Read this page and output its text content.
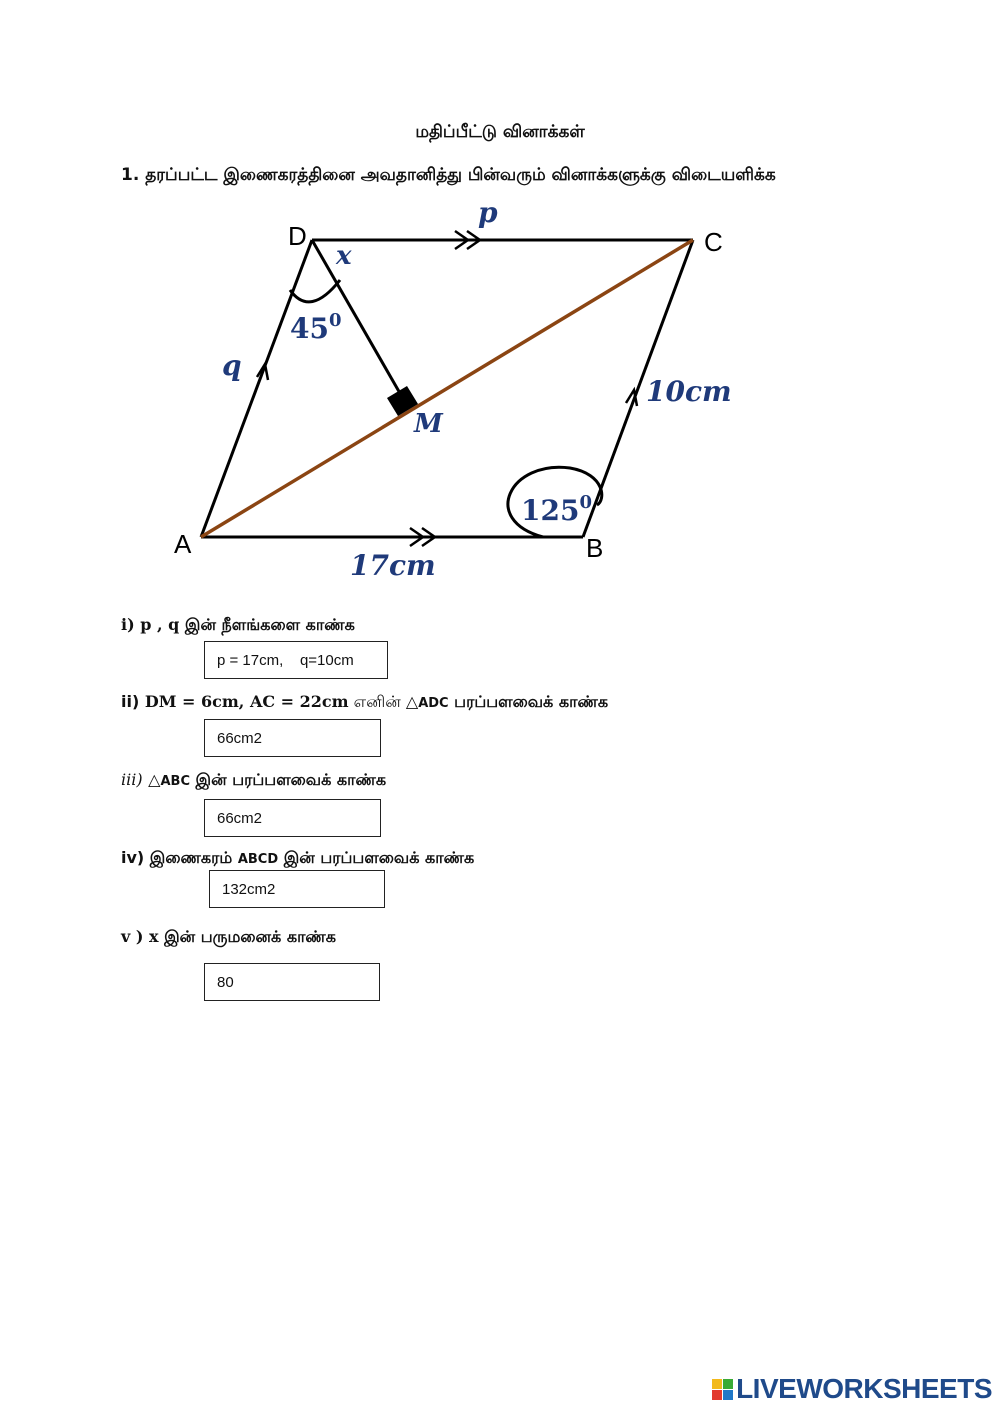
மதிப்பீட்டு வினாக்கள்
1. தரப்பட்ட இணைகரத்தினை அவதானித்து பின்வரும் வினாக்களுக்கு விடையளிக்க
A	B
C
D
p
x
q
M
$45^0$
$125^0$
10cm
17cm
i) p , q இன் நீளங்களை காண்க
p = 17cm,    q=10cm
ii) DM = 6cm, AC = 22cm எனின் △ADC பரப்பளவைக் காண்க
66cm2
iii) △ABC இன் பரப்பளவைக் காண்க
66cm2
iv) இணைகரம் ABCD இன் பரப்பளவைக் காண்க
132cm2
v ) x இன் பருமனைக் காண்க
80
LIVEWORKSHEETS
